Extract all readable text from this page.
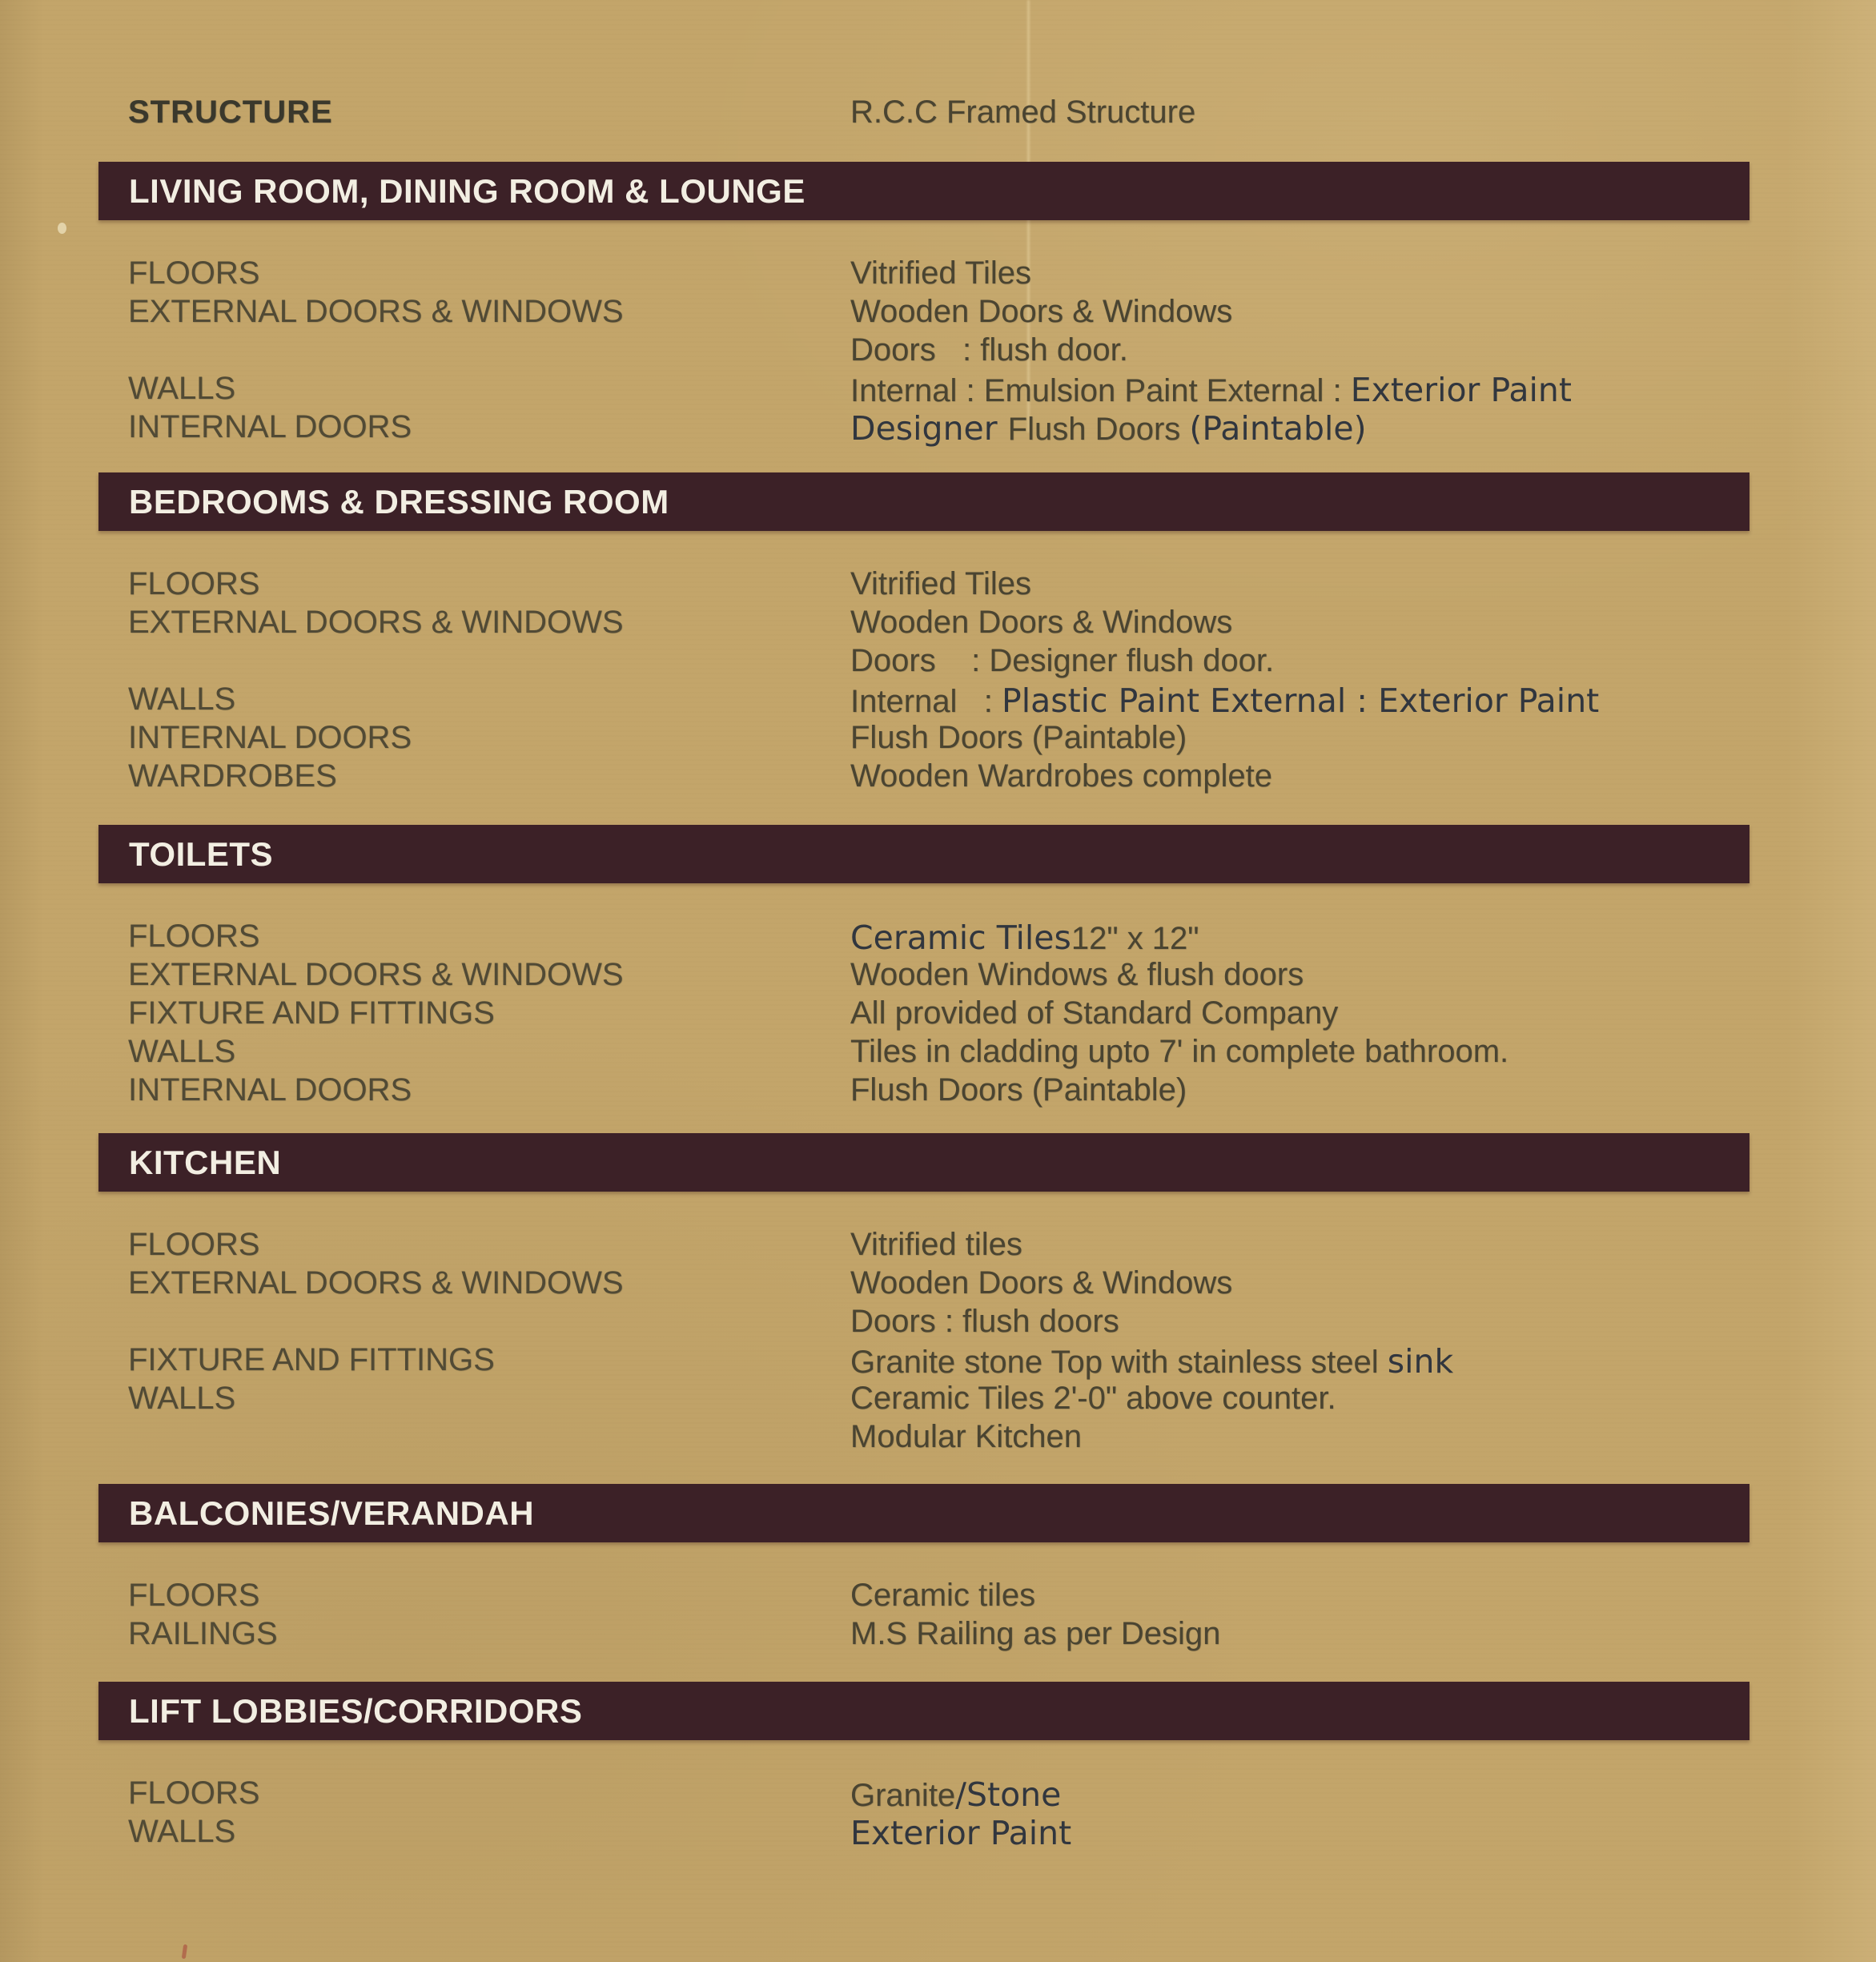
STRUCTURE	R.C.C Framed Structure
LIVING ROOM, DINING ROOM & LOUNGE
FLOORS	Vitrified Tiles
EXTERNAL DOORS & WINDOWS	Wooden Doors & Windows
Doors   : flush door.
WALLS	Internal : Emulsion Paint External : Exterior Paint
INTERNAL DOORS	Designer Flush Doors (Paintable)
BEDROOMS & DRESSING ROOM
FLOORS	Vitrified Tiles
EXTERNAL DOORS & WINDOWS	Wooden Doors & Windows
Doors    : Designer flush door.
WALLS	Internal   : Plastic Paint External : Exterior Paint
INTERNAL DOORS	Flush Doors (Paintable)
WARDROBES	Wooden Wardrobes complete
TOILETS
FLOORS	Ceramic Tiles12" x 12"
EXTERNAL DOORS & WINDOWS	Wooden Windows & flush doors
FIXTURE AND FITTINGS	All provided of Standard Company
WALLS	Tiles in cladding upto 7' in complete bathroom.
INTERNAL DOORS	Flush Doors (Paintable)
KITCHEN
FLOORS	Vitrified tiles
EXTERNAL DOORS & WINDOWS	Wooden Doors & Windows
Doors : flush doors
FIXTURE AND FITTINGS	Granite stone Top with stainless steel sink
WALLS	Ceramic Tiles 2'-0" above counter.
Modular Kitchen
BALCONIES/VERANDAH
FLOORS	Ceramic tiles
RAILINGS	M.S Railing as per Design
LIFT LOBBIES/CORRIDORS
FLOORS	Granite/Stone
WALLS	Exterior Paint
